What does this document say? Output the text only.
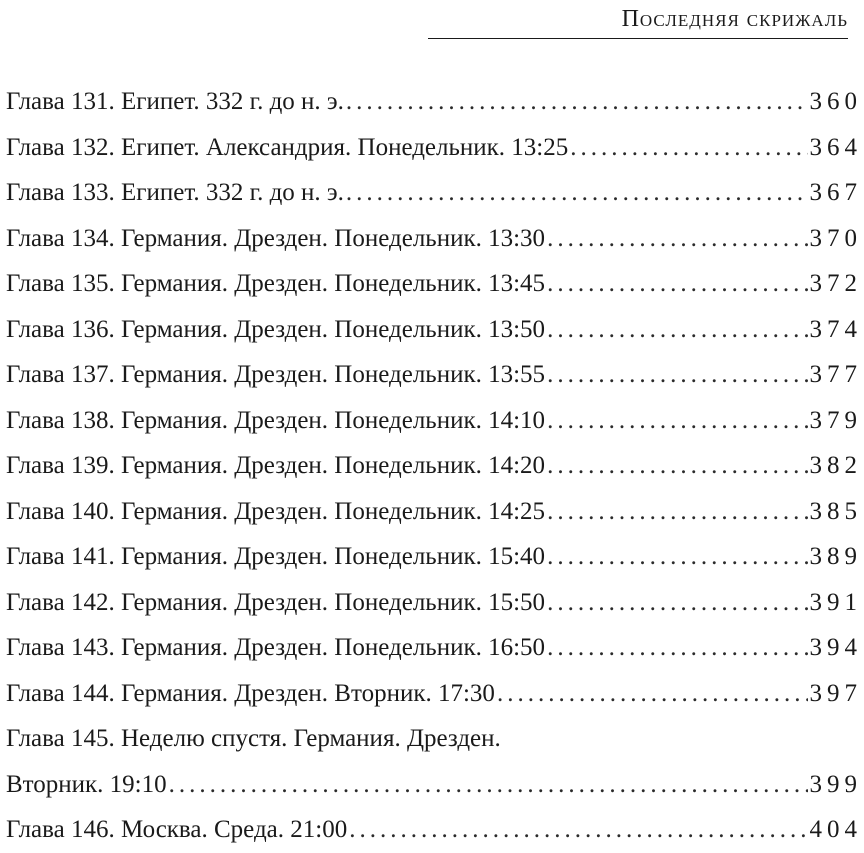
Последняя скрижаль
Глава 131. Египет. 332 г. до н. э. .....	360
Глава 132. Египет. Александрия. Понедельник. 13:25 .....	364
Глава 133. Египет. 332 г. до н. э. .....	367
Глава 134. Германия. Дрезден. Понедельник. 13:30 .....	370
Глава 135. Германия. Дрезден. Понедельник. 13:45 .....	372
Глава 136. Германия. Дрезден. Понедельник. 13:50 .....	374
Глава 137. Германия. Дрезден. Понедельник. 13:55 .....	377
Глава 138. Германия. Дрезден. Понедельник. 14:10 .....	379
Глава 139. Германия. Дрезден. Понедельник. 14:20 .....	382
Глава 140. Германия. Дрезден. Понедельник. 14:25 .....	385
Глава 141. Германия. Дрезден. Понедельник. 15:40 .....	389
Глава 142. Германия. Дрезден. Понедельник. 15:50 .....	391
Глава 143. Германия. Дрезден. Понедельник. 16:50 .....	394
Глава 144. Германия. Дрезден. Вторник. 17:30 .....	397
Глава 145. Неделю спустя. Германия. Дрезден.
Вторник. 19:10 .....	399
Глава 146. Москва. Среда. 21:00 .....	404
